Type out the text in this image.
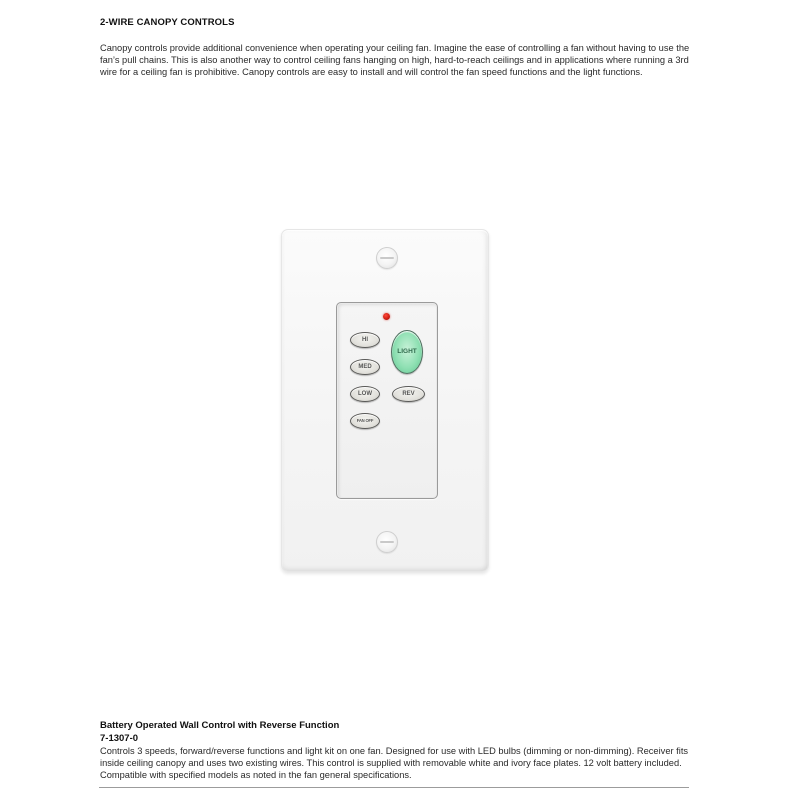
2-WIRE CANOPY CONTROLS
Canopy controls provide additional convenience when operating your ceiling fan. Imagine the ease of controlling a fan without having to use the fan’s pull chains. This is also another way to control ceiling fans hanging on high, hard-to-reach ceilings and in applications where running a 3rd wire for a ceiling fan is prohibitive. Canopy controls are easy to install and will control the fan speed functions and the light functions.
HI
MED
LOW
FAN OFF
LIGHT
REV
Battery Operated Wall Control with Reverse Function
7-1307-0
Controls 3 speeds, forward/reverse functions and light kit on one fan. Designed for use with LED bulbs (dimming or non-dimming). Receiver fits inside ceiling canopy and uses two existing wires. This control is supplied with removable white and ivory face plates. 12 volt battery included. Compatible with specified models as noted in the fan general specifications.
